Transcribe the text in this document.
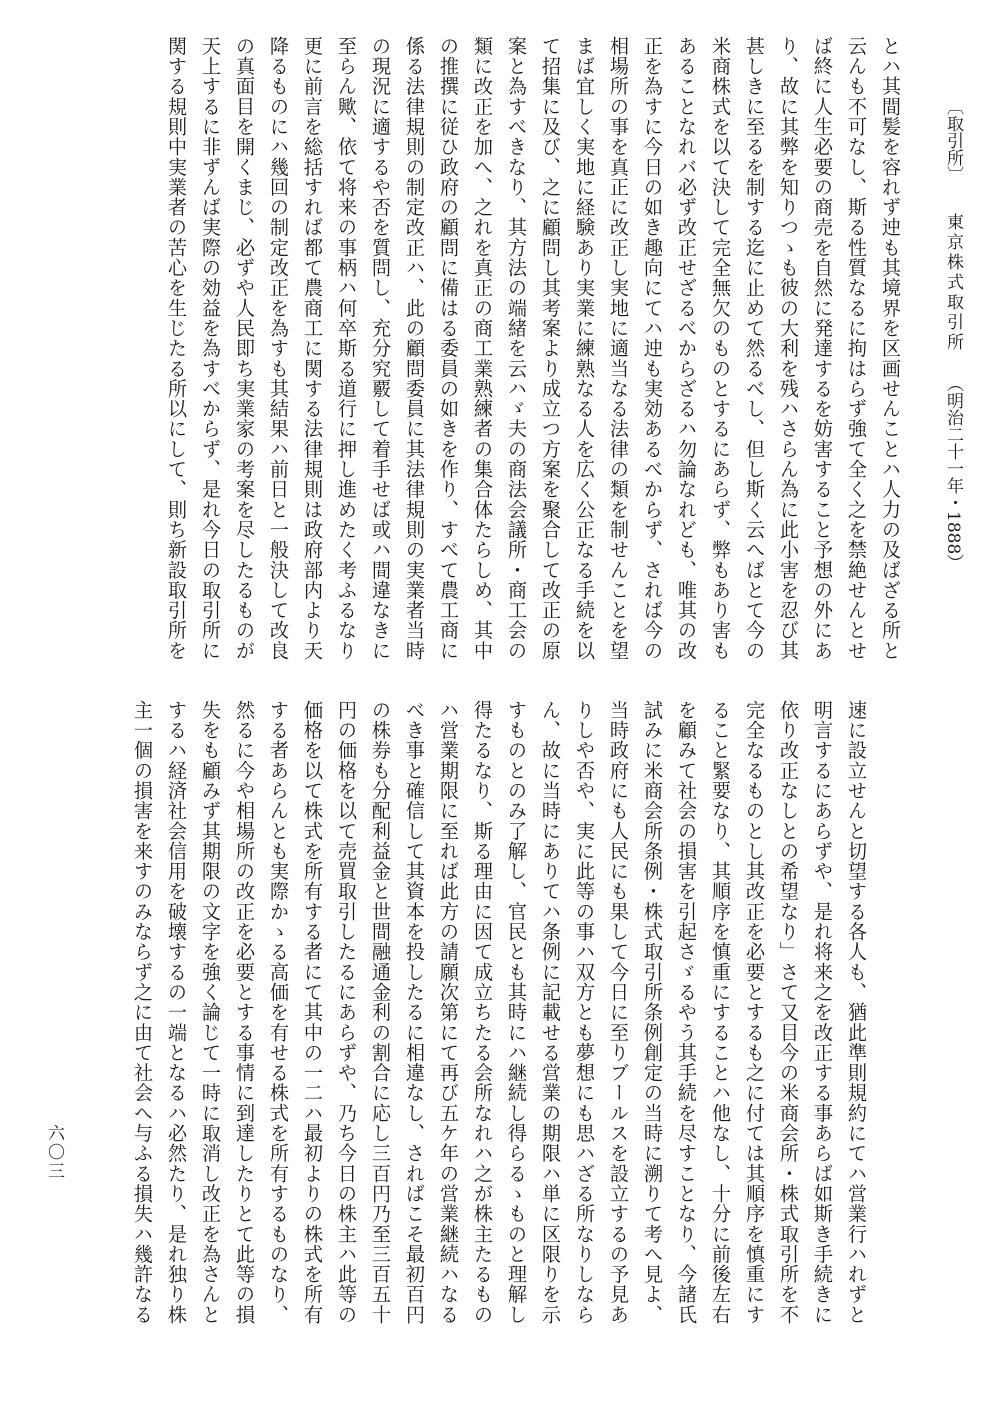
とハ其間髪を容れず迚も其境界を区画せんことハ人力の及ばざる所と
云んも不可なし、斯る性質なるに拘はらず強て全く之を禁絶せんとせ
ば終に人生必要の商売を自然に発達するを妨害すること予想の外にあ
り、故に其弊を知りつゝも彼の大利を残ハさらん為に此小害を忍び其
甚しきに至るを制する迄に止めて然るべし、但し斯く云へばとて今の
米商株式を以て決して完全無欠のものとするにあらず、弊もあり害も
あることなれバ必ず改正せざるべからざるハ勿論なれども、唯其の改
正を為すに今日の如き趣向にてハ迚も実効あるべからず、されば今の
相場所の事を真正に改正し実地に適当なる法律の類を制せんことを望
まば宜しく実地に経験あり実業に練熟なる人を広く公正なる手続を以
て招集に及び、之に顧問し其考案より成立つ方案を聚合して改正の原
案と為すべきなり、其方法の端緒を云ハゞ夫の商法会議所・商工会の
類に改正を加へ、之れを真正の商工業熟練者の集合体たらしめ、其中
の推撰に従ひ政府の顧問に備はる委員の如きを作り、すべて農工商に
係る法律規則の制定改正ハ、此の顧問委員に其法律規則の実業者当時
の現況に適するや否を質問し、充分究覈して着手せば或ハ間違なきに
至らん歟、依て将来の事柄ハ何卒斯る道行に押し進めたく考ふるなり
更に前言を総括すれば都て農商工に関する法律規則は政府部内より天
降るものにハ幾回の制定改正を為すも其結果ハ前日と一般決して改良
の真面目を開くまじ、必ずや人民即ち実業家の考案を尽したるものが
天上するに非ずんば実際の効益を為すべからず、是れ今日の取引所に
関する規則中実業者の苦心を生じたる所以にして、則ち新設取引所を
速に設立せんと切望する各人も、猶此準則規約にてハ営業行ハれずと
明言するにあらずや、是れ将来之を改正する事あらば如斯き手続きに
依り改正なしとの希望なり」さて又目今の米商会所・株式取引所を不
完全なるものとし其改正を必要とするも之に付ては其順序を慎重にす
ること緊要なり、其順序を慎重にすることハ他なし、十分に前後左右
を顧みて社会の損害を引起さゞるやう其手続を尽すことなり、今諸氏
試みに米商会所条例・株式取引所条例創定の当時に溯りて考へ見よ、
当時政府にも人民にも果して今日に至りブールスを設立するの予見あ
りしや否や、実に此等の事ハ双方とも夢想にも思ハざる所なりしなら
ん、故に当時にありてハ条例に記載せる営業の期限ハ単に区限りを示
すものとのみ了解し、官民とも其時にハ継続し得らるゝものと理解し
得たるなり、斯る理由に因て成立ちたる会所なれハ之が株主たるもの
ハ営業期限に至れば此方の請願次第にて再び五ケ年の営業継続ハなる
べき事と確信して其資本を投したるに相違なし、さればこそ最初百円
の株券も分配利益金と世間融通金利の割合に応し三百円乃至三百五十
円の価格を以て売買取引したるにあらずや、乃ち今日の株主ハ此等の
価格を以て株式を所有する者にて其中の一二ハ最初よりの株式を所有
する者あらんとも実際かゝる高価を有せる株式を所有するものなり、
然るに今や相場所の改正を必要とする事情に到達したりとて此等の損
失をも顧みず其期限の文字を強く論じて一時に取消し改正を為さんと
するハ経済社会信用を破壊するの一端となるハ必然たり、是れ独り株
主一個の損害を来すのみならず之に由て社会へ与ふる損失ハ幾許なる
〔取引所〕
東京株式取引所
（明治二十一年・1888）
六〇三
